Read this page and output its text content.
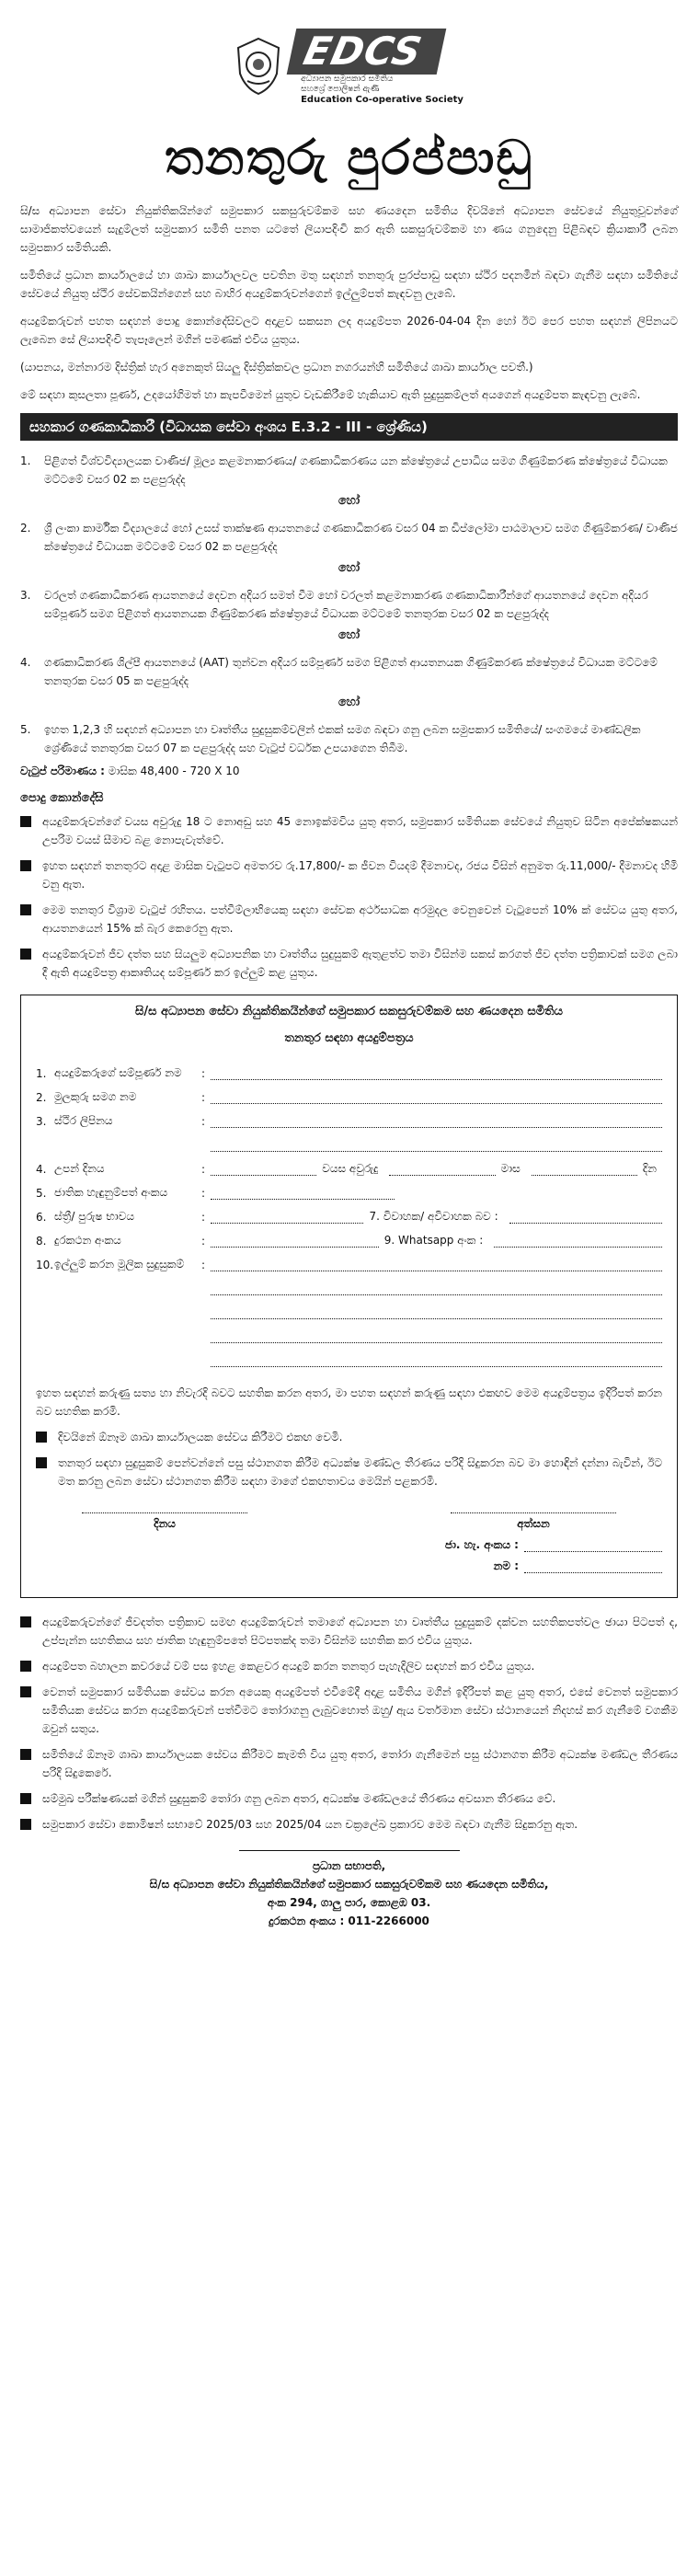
EDCS
අධ්‍යාපන සමුපකාර සමිතිය
සහශ්‍රේ පොලිෂන් ඇණි
Education Co-operative Society
තනතුරු පුරප්පාඩු

සි/ස අධ්‍යාපන සේවා නියුක්තිකයින්ගේ සමුපකාර සකසුරුවම්කම සහ ණයදෙන සමිතිය දිවයිනේ අධ්‍යාපන සේවයේ නියුතුවූවන්ගේ සාමාජිකත්වයෙන් සැදුම්ලත් සමුපකාර සමිති පනත යටතේ ලියාපදිංචි කර ඇති සකසුරුවම්කම හා ණය ගනුදෙනු පිළිබඳව ක්‍රියාකාරී ලබන සමුපකාර සමිතියකි.

සමිතියේ ප්‍රධාන කාර්යාලයේ හා ශාඛා කාර්යාලවල පවතින මතු සඳහන් තනතුරු පුරප්පාඩු සඳහා ස්ථිර පදනමින් බඳවා ගැනීම සඳහා සමිතියේ සේවයේ නියුතු ස්ථිර සේවකයින්ගෙන් සහ බාහිර අයදුම්කරුවන්ගෙන් ඉල්ලුම්පත් කැඳවනු ලැබේ.

අයදුම්කරුවන් පහත සඳහන් පොදු කොන්දේසිවලට අදාළව සකසන ලද අයදුම්පත 2026-04-04 දින හෝ ඊට පෙර පහත සඳහන් ලිපිනයට ලැබෙන සේ ලියාපදිංචි තැපෑලෙන් මගින් පමණක් එවිය යුතුය.

(යාපනය, මන්නාරම දිස්ත්‍රික් හැර අනෙකුත් සියලු දිස්ත්‍රික්කවල ප්‍රධාන නගරයන්හි සමිතියේ ශාඛා කාර්යාල පවතී.)

මේ සඳහා කුසලතා පූර්ණ, උදයෝගිමත් හා කැපවීමෙන් යුතුව වැඩකිරීමේ හැකියාව ඇති සුදුසුකම්ලත් අයගෙන් අයදුම්පත කැඳවනු ලැබේ.

සහකාර ගණකාධිකාරී (විධායක සේවා අංශය E.3.2 - III - ශ්‍රේණිය)
1.	පිළිගත් විශ්වවිද්‍යාලයක වාණිජ/ මූල්‍ය කළමනාකරණය/ ගණකාධිකරණය යන ක්ෂේත්‍රයේ උපාධිය සමග ගිණුම්කරණ ක්ෂේත්‍රයේ විධායක මට්ටමේ වසර 02 ක පළපුරුද්ද
හෝ
2.	ශ්‍රී ලංකා කාර්මික විද්‍යාලයේ හෝ උසස් තාක්ෂණ ආයතනයේ ගණකාධිකරණ වසර 04 ක ඩිප්ලෝමා පාඨමාලාව සමග ගිණුම්කරණ/ වාණිජ ක්ෂේත්‍රයේ විධායක මට්ටමේ වසර 02 ක පළපුරුද්ද
හෝ
3.	වරලත් ගණකාධිකරණ ආයතනයේ දෙවන අදියර සමත් වීම හෝ වරලත් කළමනාකරණ ගණකාධිකාරීන්ගේ ආයතනයේ දෙවන අදියර සම්පූර්ණ සමග පිළිගත් ආයතනයක ගිණුම්කරණ ක්ෂේත්‍රයේ විධායක මට්ටමේ තනතුරක වසර 02 ක පළපුරුද්ද
හෝ
4.	ගණකාධිකරණ ශිල්පී ආයතනයේ (AAT) තුන්වන අදියර සම්පූර්ණ සමග පිළිගත් ආයතනයක ගිණුම්කරණ ක්ෂේත්‍රයේ විධායක මට්ටමේ තනතුරක වසර 05 ක පළපුරුද්ද
හෝ
5.	ඉහත 1,2,3 හි සඳහන් අධ්‍යාපන හා වෘත්තීය සුදුසුකම්වලින් එකක් සමග බඳවා ගනු ලබන සමුපකාර සමිතියේ/ සංගමයේ මාණ්ඩලික ශ්‍රේණියේ තනතුරක වසර 07 ක පළපුරුද්ද සහ වැටුප් වර්ධක උපයාගෙන තිබීම.
වැටුප් පරිමාණය : මාසික 48,400 - 720 X 10
පොදු කොන්දේසි
අයදුම්කරුවන්ගේ වයස අවුරුදු 18 ට නොඅඩු සහ 45 නොඉක්මවිය යුතු අතර, සමුපකාර සමිතියක සේවයේ නියුතුව සිටින අපේක්ෂකයන් උපරිම වයස් සීමාව බළ නොපැවැත්වේ.
ඉහත සඳහන් තනතුරට අදාළ මාසික වැටුපට අමතරව රු.17,800/- ක ජීවන වියදම් දීමනාවද, රජය විසින් අනුමත රු.11,000/- දීමනාවද හිමි වනු ඇත.
මෙම තනතුර විශ්‍රාම වැටුප් රහිතය. පත්වීම්ලාභියෙකු සඳහා සේවක අර්ථසාධක අරමුදල වෙනුවෙන් වැටුපෙන් 10% ක් සේවය යුතු අතර, ආයතනයෙන් 15% ක් බැර කෙරෙනු ඇත.
අයදුම්කරුවන් ජීව දත්ත සහ සියලුම අධ්‍යාපනික හා වෘත්තීය සුදුසුකම් ඇතුළත්ව තමා විසින්ම සකස් කරගත් ජීව දත්ත පත්‍රිකාවක් සමග ලබා දී ඇති අයදුම්පත්‍ර ආකෘතියද සම්පූර්ණ කර ඉල්ලුම් කළ යුතුය.
සි/ස අධ්‍යාපන සේවා නියුක්තිකයින්ගේ සමුපකාර සකසුරුවම්කම සහ ණයදෙන සමිතිය
තනතුර සඳහා අයදුම්පත්‍රය
1. අයදුම්කරුගේ සම්පූර්ණ නම	:
2. මුලකුරු සමග නම	:
3. ස්ථිර ලිපිනය	:

4. උපන් දිනය	:	වයස අවුරුදු	මාස	දින
5. ජාතික හැඳුනුම්පත් අංකය	:
6. ස්ත්‍රී/ පුරුෂ භාවය	:	7. විවාහක/ අවිවාහක බව :
8. දුරකථන අංකය	:	9. Whatsapp අංක :
10. ඉල්ලුම් කරන මූලික සුදුසුකම්	:

ඉහත සඳහන් කරුණු සත්‍ය හා නිවැරදි බවට සහතික කරන අතර, මා පහත සඳහන් කරුණු සඳහා එකඟව මෙම අයදුම්පත්‍රය ඉදිරිපත් කරන බව සහතික කරමි.
දිවයිනේ ඕනෑම ශාඛා කාර්යාලයක සේවය කිරීමට එකඟ වෙමි.
තනතුර සඳහා සුදුසුකම් පෙන්වන්නේ පසු ස්ථානගත කිරීම අධ්‍යක්ෂ මණ්ඩල තීරණය පරිදි සිදුකරන බව මා හොඳින් දන්නා බැවින්, ඊට මත කරනු ලබන සේවා ස්ථානගත කිරීම සඳහා මාගේ එකඟතාවය මෙයින් පළකරමි.
දිනය	අත්සන
ජා. හැ. අංකය :
නම :
අයදුම්කරුවන්ගේ ජීවදත්ත පත්‍රිකාව සමඟ අයදුම්කරුවන් තමාගේ අධ්‍යාපන හා වෘත්තීය සුදුසුකම් දක්වන සහතිකපත්වල ඡායා පිටපත් ද, උප්පැන්න සහතිකය සහ ජාතික හැඳුනුම්පතේ පිටපතක්ද තමා විසින්ම සහතික කර එවිය යුතුය.
අයදුම්පත බහාලන කවරයේ වම් පස ඉහළ කෙළවර අයදුම් කරන තනතුර පැහැදිලිව සඳහන් කර එවිය යුතුය.
වෙනත් සමුපකාර සමිතියක සේවය කරන අයෙකු අයදුම්පත් එවීමේදී අදාළ සමිතිය මගින් ඉදිරිපත් කළ යුතු අතර, එසේ වෙනත් සමුපකාර සමිතියක සේවය කරන අයදුම්කරුවන් පත්වීමට තෝරාගනු ලැබුවහොත් ඔහු/ ඇය වර්තමාන සේවා ස්ථානයෙන් නිදහස් කර ගැනීමේ වගකීම ඔවුන් සතුය.
සමිතියේ ඕනෑම ශාඛා කාර්යාලයක සේවය කිරීමට කැමති විය යුතු අතර, තෝරා ගැනීමෙන් පසු ස්ථානගත කිරීම අධ්‍යක්ෂ මණ්ඩල තීරණය පරිදි සිදුකෙරේ.
සම්මුඛ පරීක්ෂණයක් මගින් සුදුසුකම් තෝරා ගනු ලබන අතර, අධ්‍යක්ෂ මණ්ඩලයේ තීරණය අවසාන තීරණය වේ.
සමුපකාර සේවා කොමිෂන් සභාවේ 2025/03 සහ 2025/04 යන චක්‍රලේඛ ප්‍රකාරව මෙම බඳවා ගැනීම සිදුකරනු ඇත.
ප්‍රධාන සභාපති,
සි/ස අධ්‍යාපන සේවා නියුක්තිකයින්ගේ සමුපකාර සකසුරුවම්කම සහ ණයදෙන සමිතිය,
අංක 294, ගාලු පාර, කොළඹ 03.
දුරකථන අංකය : 011-2266000
